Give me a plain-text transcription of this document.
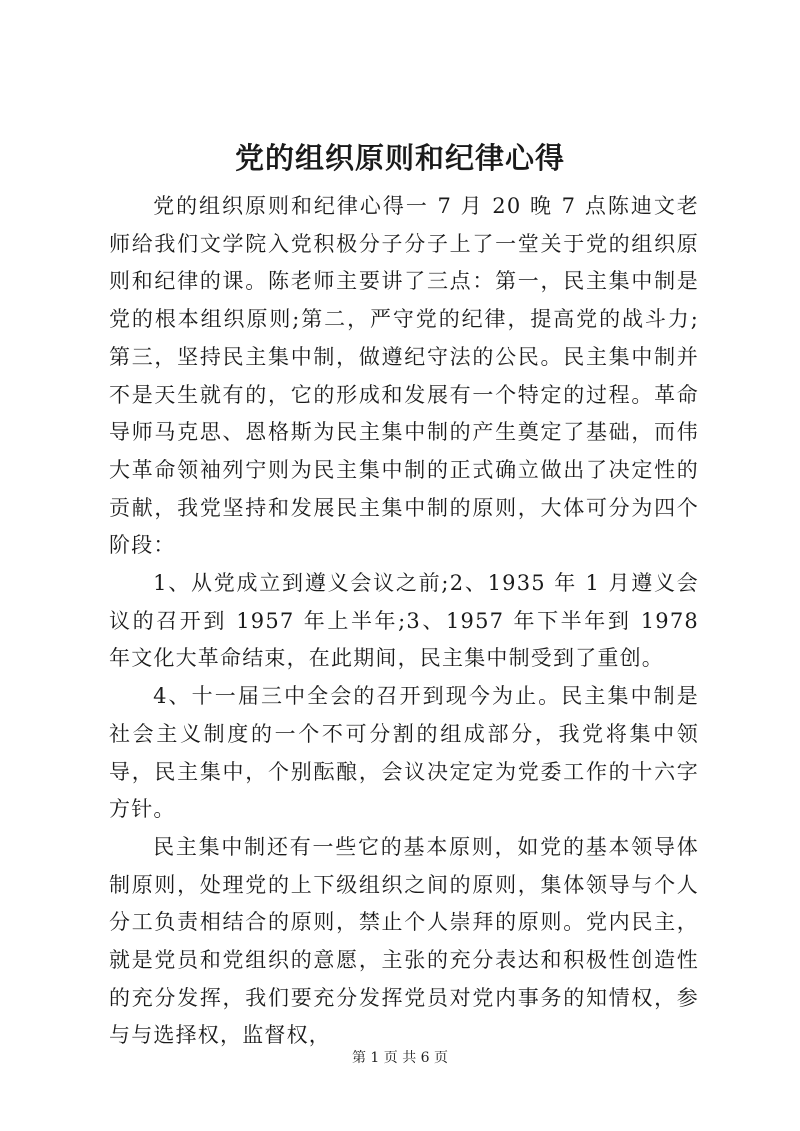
党的组织原则和纪律心得

党的组织原则和纪律心得一 7 月 20 晚 7 点陈迪文老师给我们文学院入党积极分子分子上了一堂关于党的组织原则和纪律的课。陈老师主要讲了三点：第一，民主集中制是党的根本组织原则;第二，严守党的纪律，提高党的战斗力;第三，坚持民主集中制，做遵纪守法的公民。民主集中制并不是天生就有的，它的形成和发展有一个特定的过程。革命导师马克思、恩格斯为民主集中制的产生奠定了基础，而伟大革命领袖列宁则为民主集中制的正式确立做出了决定性的贡献，我党坚持和发展民主集中制的原则，大体可分为四个阶段：

1、从党成立到遵义会议之前;2、1935 年 1 月遵义会议的召开到 1957 年上半年;3、1957 年下半年到 1978 年文化大革命结束，在此期间，民主集中制受到了重创。

4、十一届三中全会的召开到现今为止。民主集中制是社会主义制度的一个不可分割的组成部分，我党将集中领导，民主集中，个别酝酿，会议决定定为党委工作的十六字方针。

民主集中制还有一些它的基本原则，如党的基本领导体制原则，处理党的上下级组织之间的原则，集体领导与个人分工负责相结合的原则，禁止个人崇拜的原则。党内民主，就是党员和党组织的意愿，主张的充分表达和积极性创造性的充分发挥，我们要充分发挥党员对党内事务的知情权，参与与选择权，监督权，

第 1 页 共 6 页
